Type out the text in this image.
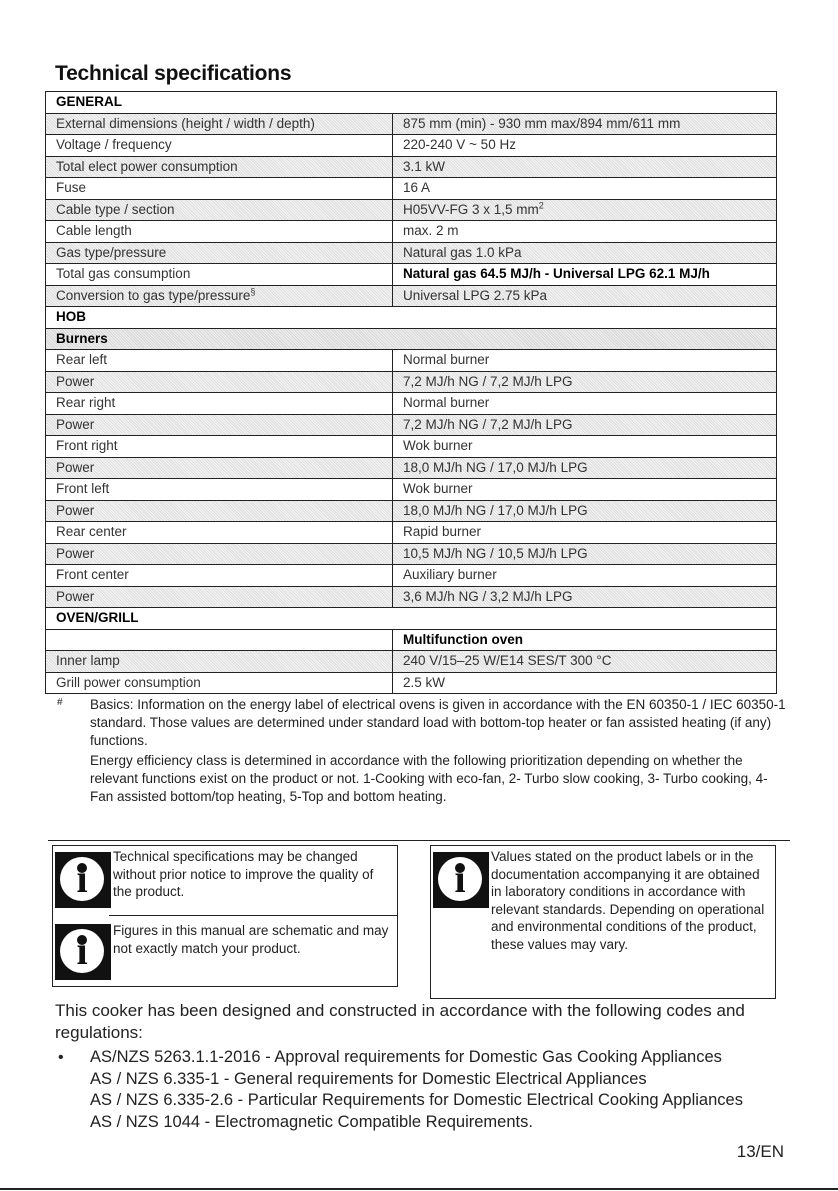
Technical specifications
GENERAL	
External dimensions (height / width / depth)	875 mm (min) - 930 mm max/894 mm/611 mm
Voltage / frequency	220-240 V ~ 50 Hz
Total elect power consumption	3.1 kW
Fuse	16 A
Cable type / section	H05VV-FG 3 x 1,5 $mm^2$
Cable length	max. 2 m
Gas type/pressure	Natural gas 1.0 kPa
Total gas consumption	Natural gas 64.5 MJ/h - Universal LPG 62.1 MJ/h
Conversion to gas type/pressure§	Universal LPG 2.75 kPa
HOB	
Burners	
Rear left	Normal burner
Power	7,2 MJ/h NG / 7,2 MJ/h LPG
Rear right	Normal burner
Power	7,2 MJ/h NG / 7,2 MJ/h LPG
Front right	Wok burner
Power	18,0 MJ/h NG / 17,0 MJ/h LPG
Front left	Wok burner
Power	18,0 MJ/h NG / 17,0 MJ/h LPG
Rear center	Rapid burner
Power	10,5 MJ/h NG / 10,5 MJ/h LPG
Front center	Auxiliary burner
Power	3,6 MJ/h NG / 3,2 MJ/h LPG
OVEN/GRILL	
	Multifunction oven
Inner lamp	240 V/15–25 W/E14 SES/T 300 °C
Grill power consumption	2.5 kW
# Basics: Information on the energy label of electrical ovens is given in accordance with the EN 60350-1 / IEC 60350-1 standard. Those values are determined under standard load with bottom-top heater or fan assisted heating (if any) functions.

Energy efficiency class is determined in accordance with the following prioritization depending on whether the relevant functions exist on the product or not. 1-Cooking with eco-fan, 2- Turbo slow cooking, 3- Turbo cooking, 4- Fan assisted bottom/top heating, 5-Top and bottom heating.

i	Technical specifications may be changed without prior notice to improve the quality of the product.
i	Figures in this manual are schematic and may not exactly match your product.
i	Values stated on the product labels or in the documentation accompanying it are obtained in laboratory conditions in accordance with relevant standards. Depending on operational and environmental conditions of the product, these values may vary.

This cooker has been designed and constructed in accordance with the following codes and regulations:

• AS/NZS 5263.1.1-2016 - Approval requirements for Domestic Gas Cooking Appliances
AS / NZS 6.335-1 - General requirements for Domestic Electrical Appliances
AS / NZS 6.335-2.6 - Particular Requirements for Domestic Electrical Cooking Appliances
AS / NZS 1044 - Electromagnetic Compatible Requirements.
13/EN
